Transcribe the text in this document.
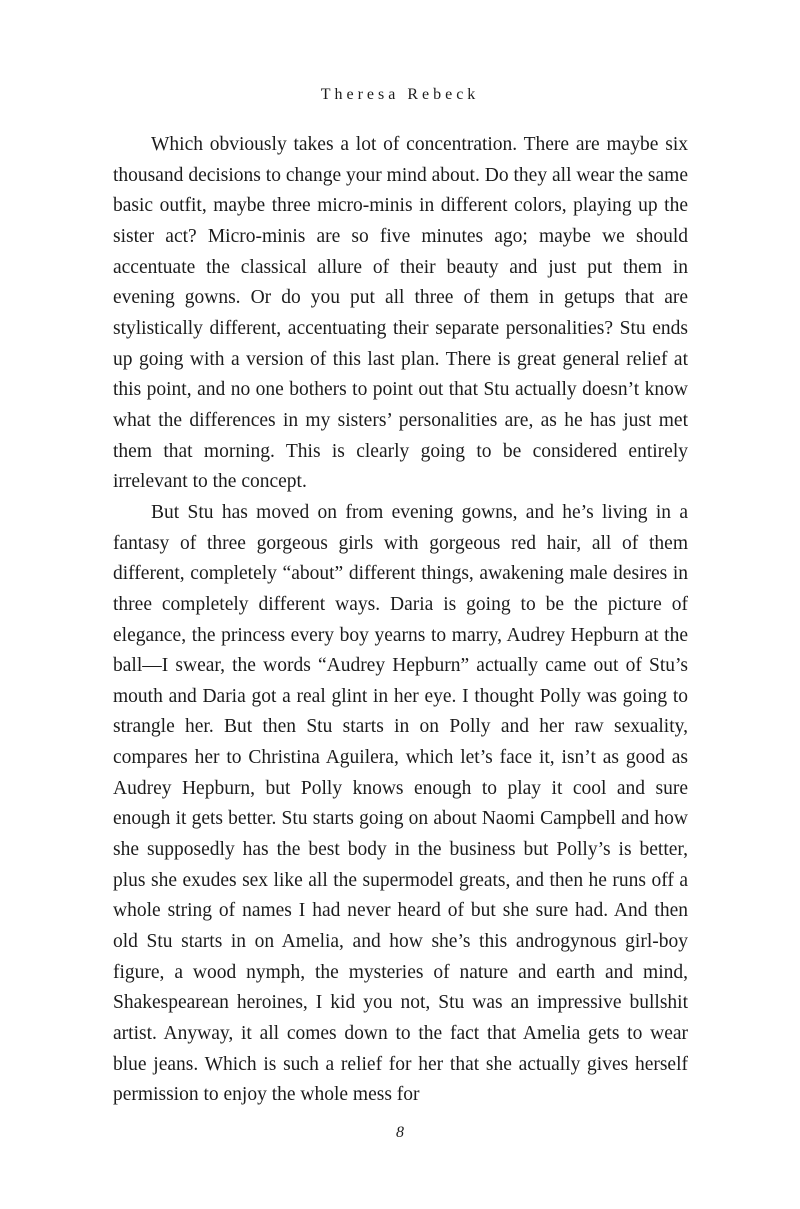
Theresa Rebeck

Which obviously takes a lot of concentration. There are maybe six thousand decisions to change your mind about. Do they all wear the same basic outfit, maybe three micro-minis in different colors, playing up the sister act? Micro-minis are so five minutes ago; maybe we should accentuate the classical allure of their beauty and just put them in evening gowns. Or do you put all three of them in getups that are stylistically different, accentuating their separate personalities? Stu ends up going with a version of this last plan. There is great general relief at this point, and no one bothers to point out that Stu actually doesn’t know what the differences in my sisters’ personalities are, as he has just met them that morning. This is clearly going to be considered entirely irrelevant to the concept.

But Stu has moved on from evening gowns, and he’s living in a fantasy of three gorgeous girls with gorgeous red hair, all of them different, completely “about” different things, awakening male desires in three completely different ways. Daria is going to be the picture of elegance, the princess every boy yearns to marry, Audrey Hepburn at the ball—I swear, the words “Audrey Hepburn” actually came out of Stu’s mouth and Daria got a real glint in her eye. I thought Polly was going to strangle her. But then Stu starts in on Polly and her raw sexuality, compares her to Christina Aguilera, which let’s face it, isn’t as good as Audrey Hepburn, but Polly knows enough to play it cool and sure enough it gets better. Stu starts going on about Naomi Campbell and how she supposedly has the best body in the business but Polly’s is better, plus she exudes sex like all the supermodel greats, and then he runs off a whole string of names I had never heard of but she sure had. And then old Stu starts in on Amelia, and how she’s this androgynous girl-boy figure, a wood nymph, the mysteries of nature and earth and mind, Shakespearean heroines, I kid you not, Stu was an impressive bullshit artist. Anyway, it all comes down to the fact that Amelia gets to wear blue jeans. Which is such a relief for her that she actually gives herself permission to enjoy the whole mess for

8
